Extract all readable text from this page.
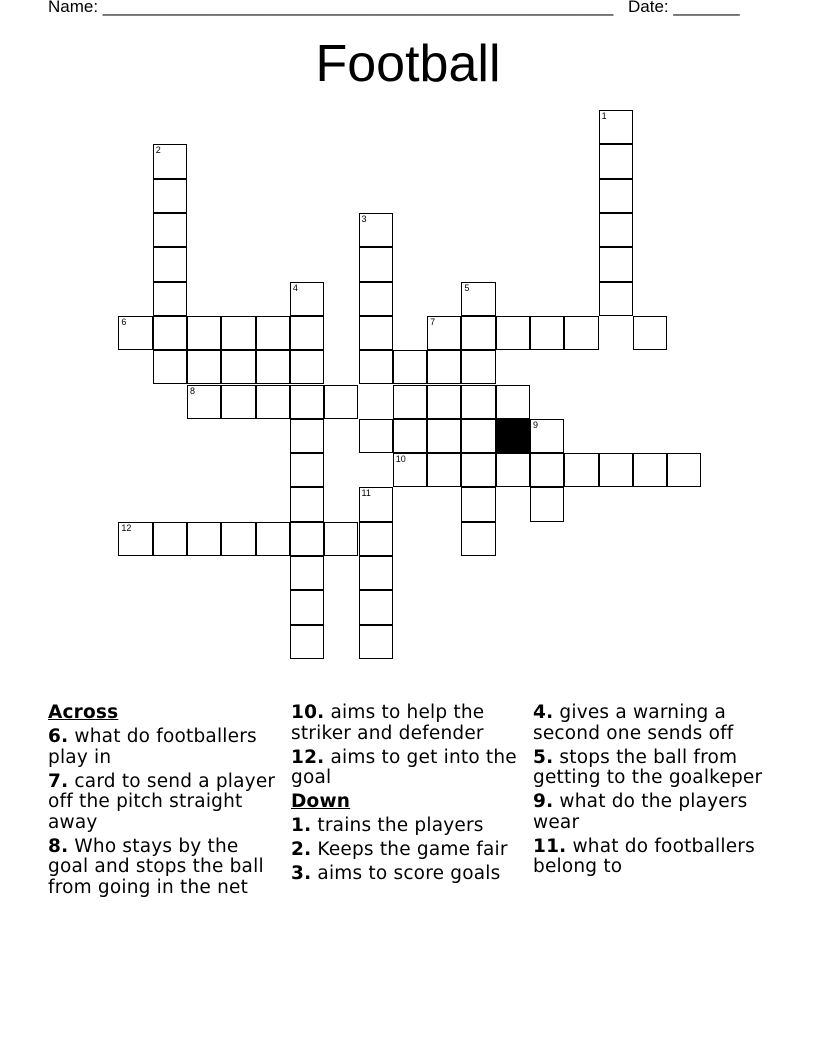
Name: ______________________________________________________ Date: _______
Football
1
2
3
4	5
6	7
8
9
10
11
12
Across
6. what do footballers play in
7. card to send a player off the pitch straight away
8. Who stays by the goal and stops the ball from going in the net
10. aims to help the striker and defender
12. aims to get into the goal
Down
1. trains the players
2. Keeps the game fair
3. aims to score goals
4. gives a warning a second one sends off
5. stops the ball from getting to the goalkeper
9. what do the players wear
11. what do footballers belong to
